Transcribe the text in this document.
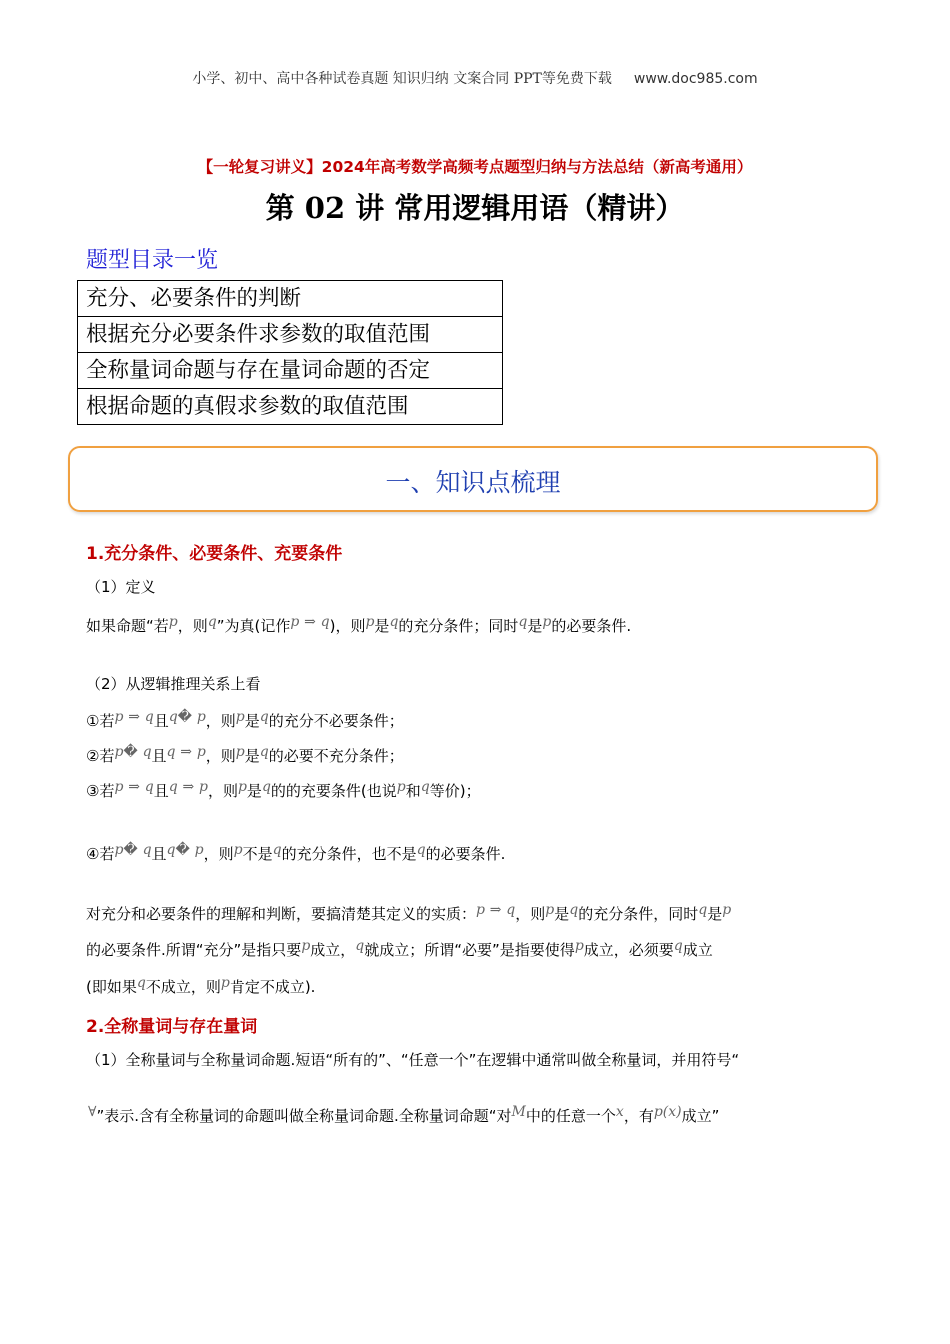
小学、初中、高中各种试卷真题 知识归纳 文案合同 PPT等免费下载 www.doc985.com
【一轮复习讲义】2024年高考数学高频考点题型归纳与方法总结（新高考通用）
第 02 讲 常用逻辑用语（精讲）
题型目录一览
充分、必要条件的判断
根据充分必要条件求参数的取值范围
全称量词命题与存在量词命题的否定
根据命题的真假求参数的取值范围
一、知识点梳理
1.充分条件、必要条件、充要条件
（1）定义
如果命题“若p，则q”为真(记作p ⇒ q)，则p是q的充分条件；同时q是p的必要条件.
（2）从逻辑推理关系上看
①若p ⇒ q且q� p，则p是q的充分不必要条件；
②若p� q且q ⇒ p，则p是q的必要不充分条件；
③若p ⇒ q且q ⇒ p，则p是q的的充要条件(也说p和q等价)；
④若p� q且q� p，则p不是q的充分条件，也不是q的必要条件.
对充分和必要条件的理解和判断，要搞清楚其定义的实质：p ⇒ q，则p是q的充分条件，同时q是p
的必要条件.所谓“充分”是指只要p成立，q就成立；所谓“必要”是指要使得p成立，必须要q成立
(即如果q不成立，则p肯定不成立).
2.全称量词与存在量词
（1）全称量词与全称量词命题.短语“所有的”、“任意一个”在逻辑中通常叫做全称量词，并用符号“
∀”表示.含有全称量词的命题叫做全称量词命题.全称量词命题“对M中的任意一个x，有p(x)成立”
